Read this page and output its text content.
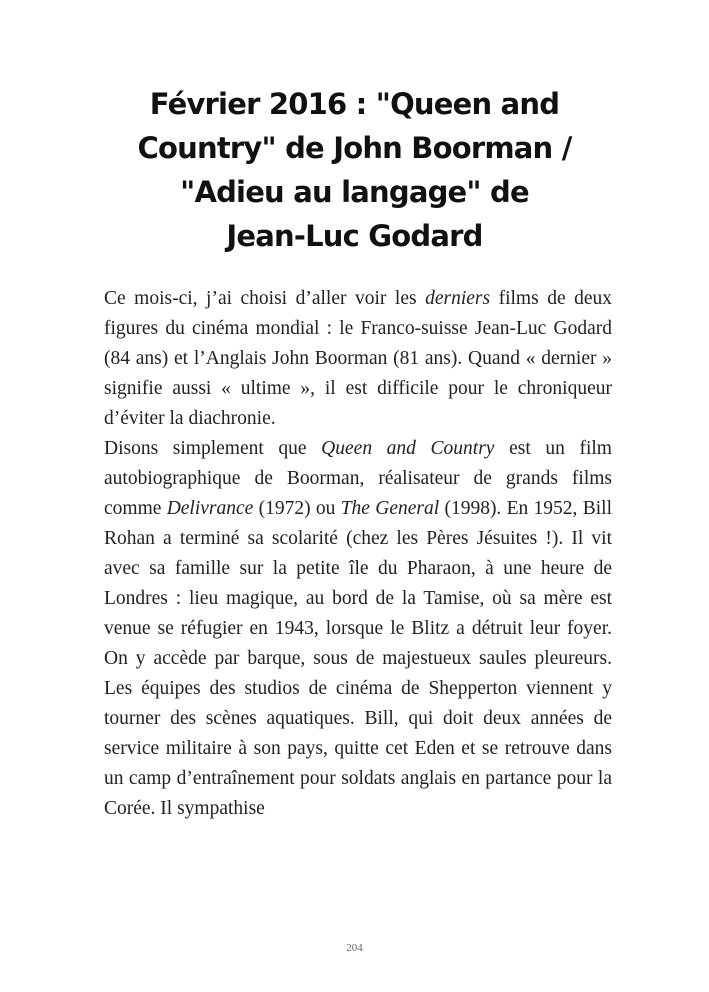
Février 2016 : "Queen and
Country" de John Boorman /
"Adieu au langage" de
Jean-Luc Godard

Ce mois-ci, j’ai choisi d’aller voir les derniers films de deux figures du cinéma mondial : le Franco-suisse Jean-Luc Godard (84 ans) et l’Anglais John Boorman (81 ans). Quand « dernier » signifie aussi « ultime », il est difficile pour le chroniqueur d’éviter la diachronie.

Disons simplement que Queen and Country est un film autobiographique de Boorman, réalisateur de grands films comme Delivrance (1972) ou The General (1998). En 1952, Bill Rohan a terminé sa scolarité (chez les Pères Jésuites !). Il vit avec sa famille sur la petite île du Pharaon, à une heure de Londres : lieu magique, au bord de la Tamise, où sa mère est venue se réfugier en 1943, lorsque le Blitz a détruit leur foyer. On y accède par barque, sous de majestueux saules pleureurs. Les équipes des studios de cinéma de Shepperton viennent y tourner des scènes aquatiques. Bill, qui doit deux années de service militaire à son pays, quitte cet Eden et se retrouve dans un camp d’entraînement pour soldats anglais en partance pour la Corée. Il sympathise

204
